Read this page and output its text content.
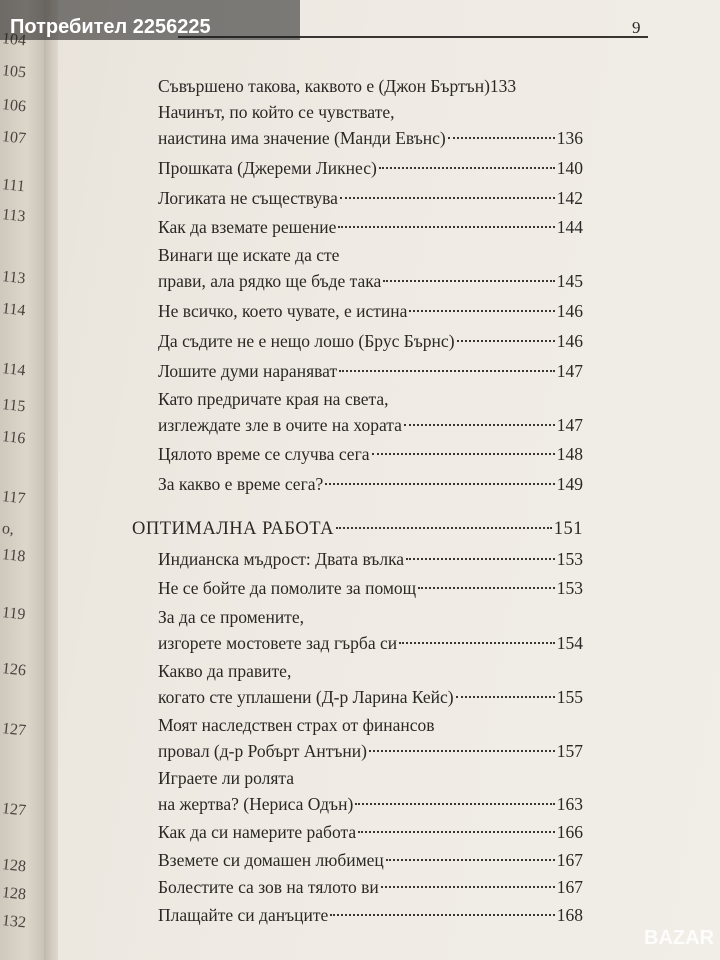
105
106
107
111
113
113
114
114
115
116
117
о,
118
119
126
127
127
128
128
132
9
Потребител 2256225
Съвършено такова, каквото е (Джон Бъртън) 133
Начинът, по който се чувствате,
наистина има значение (Манди Евънс)	136
Прошката (Джереми Ликнес)	140
Логиката не съществува	142
Как да вземате решение	144
Винаги ще искате да сте
прави, ала рядко ще бъде така	145
Не всичко, което чувате, е истина	146
Да съдите не е нещо лошо (Брус Бърнс)	146
Лошите думи нараняват	147
Като предричате края на света,
изглеждате зле в очите на хората	147
Цялото време се случва сега	148
За какво е време сега?	149
ОПТИМАЛНА РАБОТА	151
Индианска мъдрост: Двата вълка	153
Не се бойте да помолите за помощ	153
За да се промените,
изгорете мостовете зад гърба си	154
Какво да правите,
когато сте уплашени (Д-р Ларина Кейс)	155
Моят наследствен страх от финансов
провал (д-р Робърт Антъни)	157
Играете ли ролята
на жертва? (Нериса Одън)	163
Как да си намерите работа	166
Вземете си домашен любимец	167
Болестите са зов на тялото ви	167
Плащайте си данъците	168
BAZAR
